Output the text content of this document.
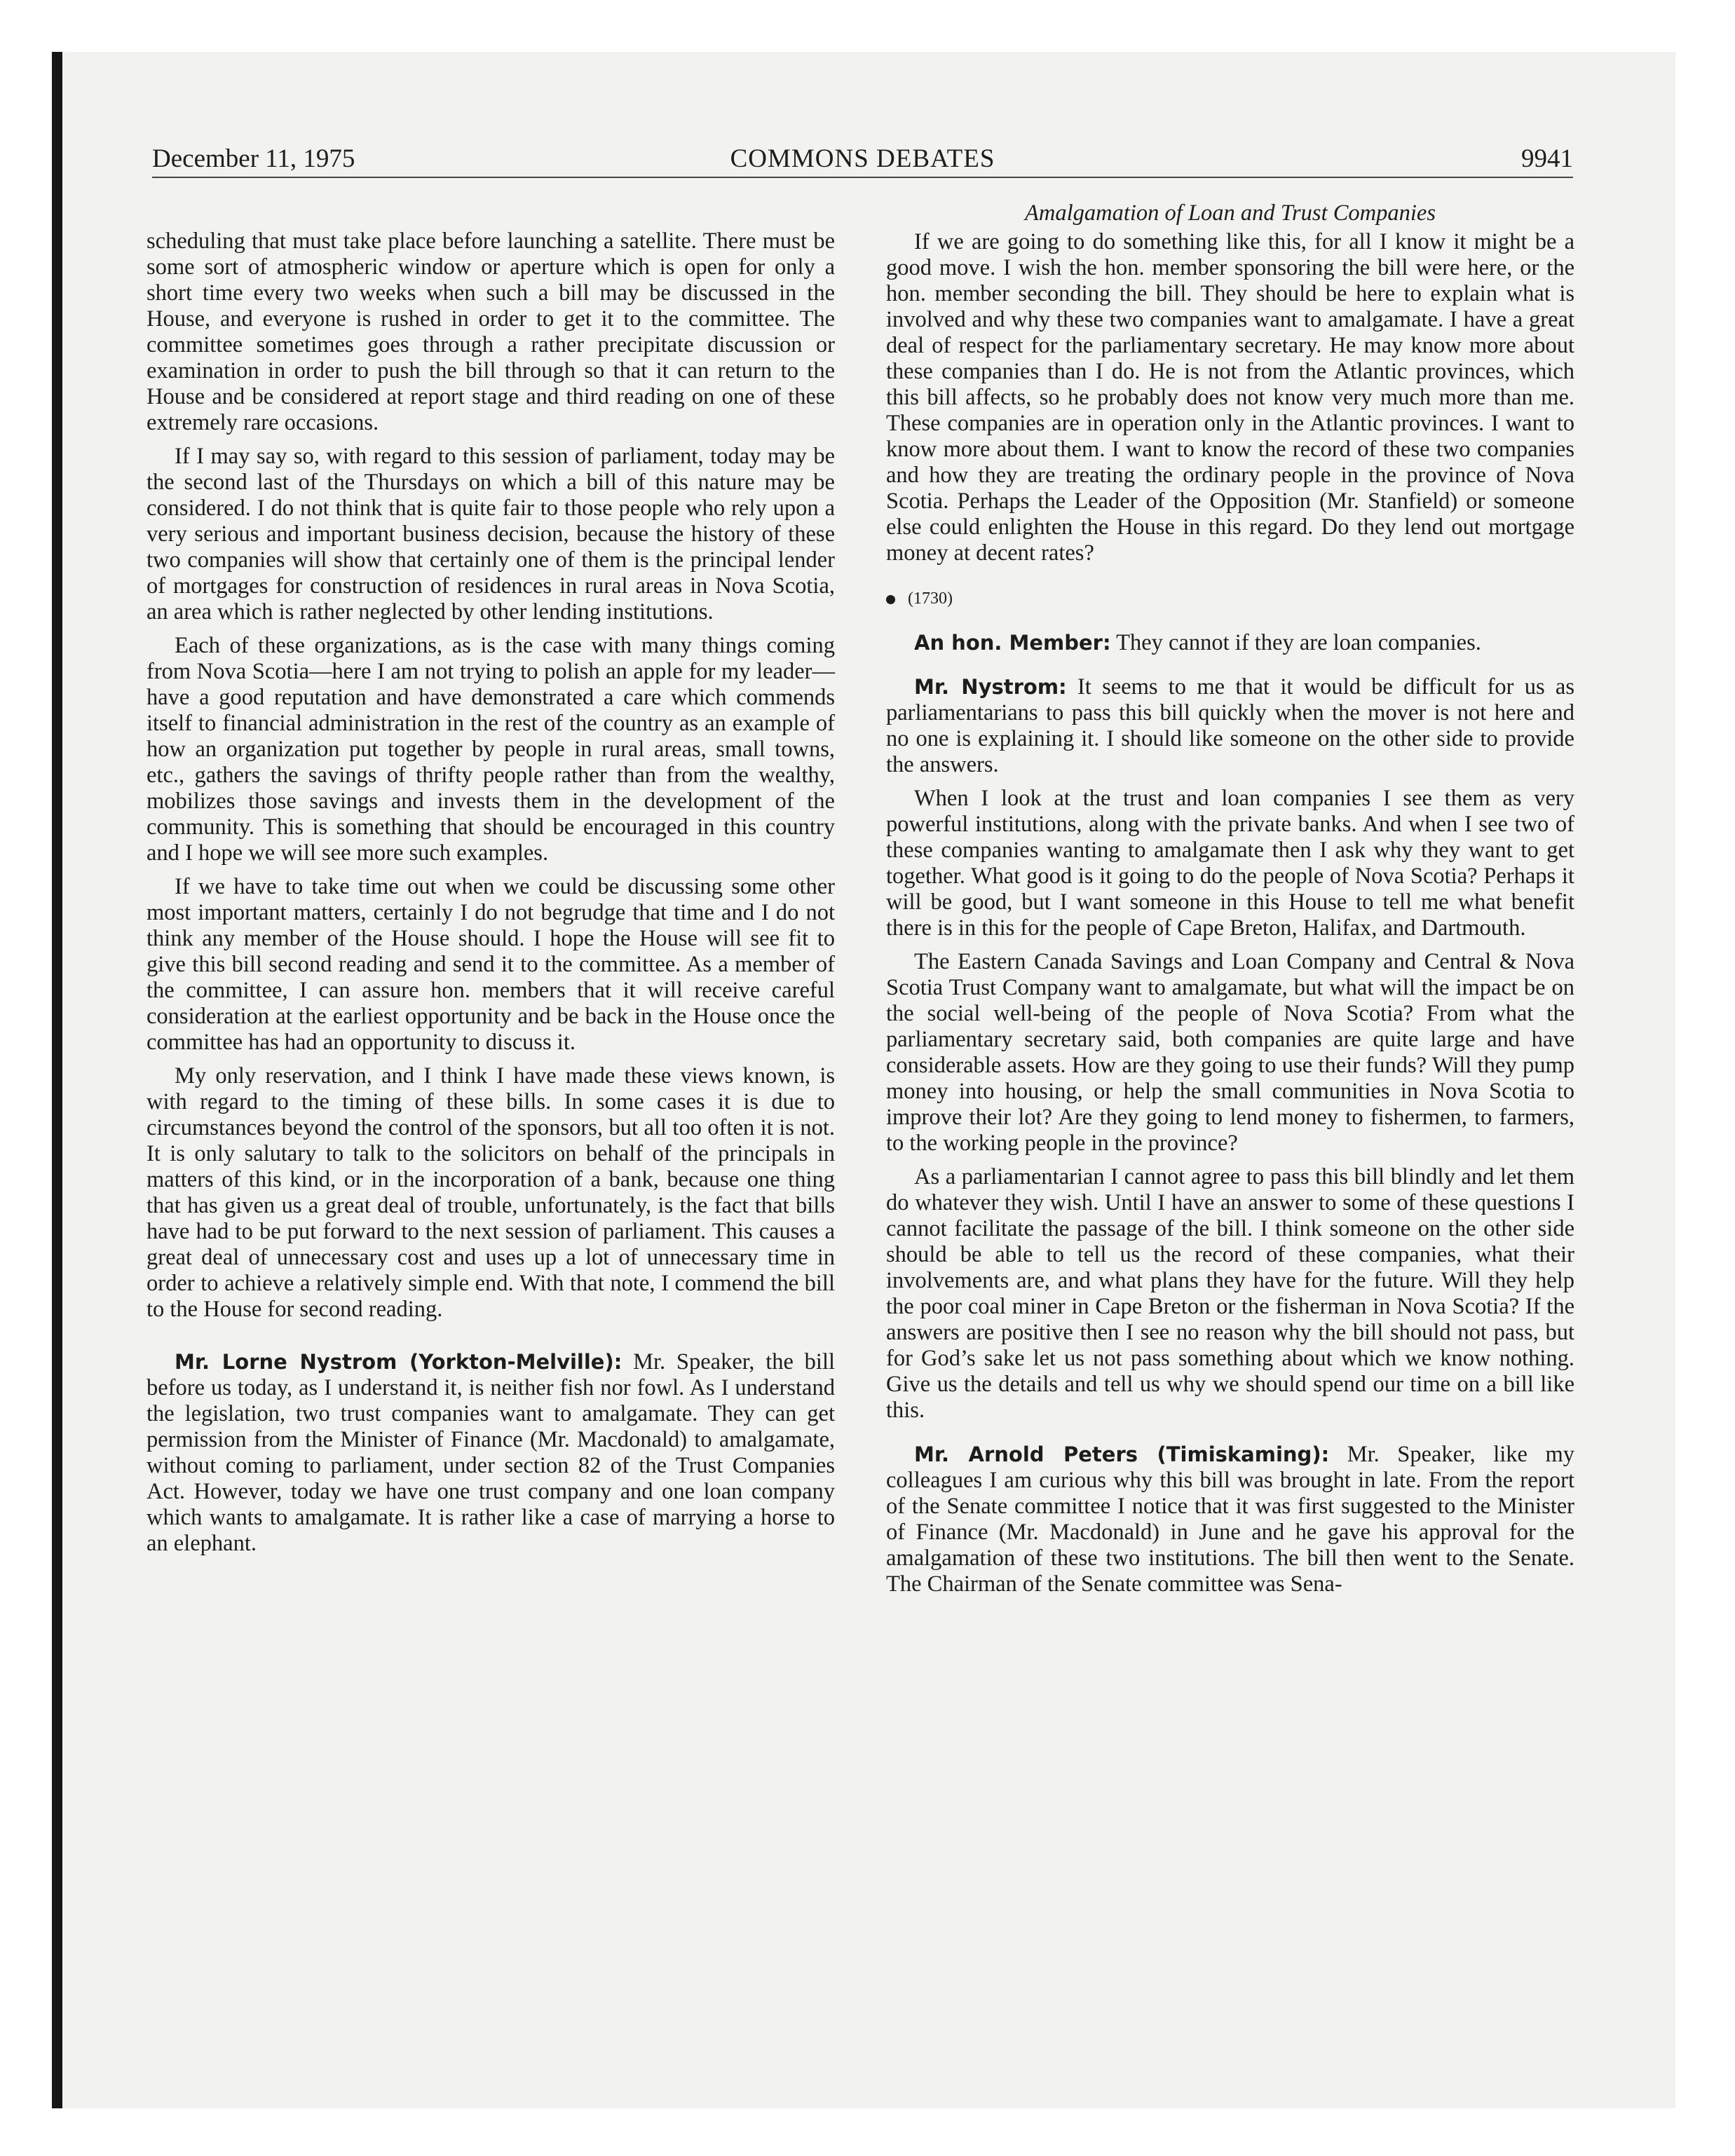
December 11, 1975	COMMONS DEBATES	9941

scheduling that must take place before launching a satellite. There must be some sort of atmospheric window or aperture which is open for only a short time every two weeks when such a bill may be discussed in the House, and everyone is rushed in order to get it to the committee. The committee sometimes goes through a rather precipitate discussion or examination in order to push the bill through so that it can return to the House and be considered at report stage and third reading on one of these extremely rare occasions.

If I may say so, with regard to this session of parliament, today may be the second last of the Thursdays on which a bill of this nature may be considered. I do not think that is quite fair to those people who rely upon a very serious and important business decision, because the history of these two companies will show that certainly one of them is the principal lender of mortgages for construction of residences in rural areas in Nova Scotia, an area which is rather neglected by other lending institutions.

Each of these organizations, as is the case with many things coming from Nova Scotia—here I am not trying to polish an apple for my leader—have a good reputation and have demonstrated a care which commends itself to financial administration in the rest of the country as an example of how an organization put together by people in rural areas, small towns, etc., gathers the savings of thrifty people rather than from the wealthy, mobilizes those savings and invests them in the development of the community. This is something that should be encouraged in this country and I hope we will see more such examples.

If we have to take time out when we could be discussing some other most important matters, certainly I do not begrudge that time and I do not think any member of the House should. I hope the House will see fit to give this bill second reading and send it to the committee. As a member of the committee, I can assure hon. members that it will receive careful consideration at the earliest opportunity and be back in the House once the committee has had an opportunity to discuss it.

My only reservation, and I think I have made these views known, is with regard to the timing of these bills. In some cases it is due to circumstances beyond the control of the sponsors, but all too often it is not. It is only salutary to talk to the solicitors on behalf of the principals in matters of this kind, or in the incorporation of a bank, because one thing that has given us a great deal of trouble, unfortunately, is the fact that bills have had to be put forward to the next session of parliament. This causes a great deal of unnecessary cost and uses up a lot of unnecessary time in order to achieve a relatively simple end. With that note, I commend the bill to the House for second reading.

Mr. Lorne Nystrom (Yorkton-Melville): Mr. Speaker, the bill before us today, as I understand it, is neither fish nor fowl. As I understand the legislation, two trust companies want to amalgamate. They can get permission from the Minister of Finance (Mr. Macdonald) to amalgamate, without coming to parliament, under section 82 of the Trust Companies Act. However, today we have one trust company and one loan company which wants to amalgamate. It is rather like a case of marrying a horse to an elephant.

Amalgamation of Loan and Trust Companies

If we are going to do something like this, for all I know it might be a good move. I wish the hon. member sponsoring the bill were here, or the hon. member seconding the bill. They should be here to explain what is involved and why these two companies want to amalgamate. I have a great deal of respect for the parliamentary secretary. He may know more about these companies than I do. He is not from the Atlantic provinces, which this bill affects, so he probably does not know very much more than me. These companies are in operation only in the Atlantic provinces. I want to know more about them. I want to know the record of these two companies and how they are treating the ordinary people in the province of Nova Scotia. Perhaps the Leader of the Opposition (Mr. Stanfield) or someone else could enlighten the House in this regard. Do they lend out mortgage money at decent rates?

(1730)

An hon. Member: They cannot if they are loan companies.

Mr. Nystrom: It seems to me that it would be difficult for us as parliamentarians to pass this bill quickly when the mover is not here and no one is explaining it. I should like someone on the other side to provide the answers.

When I look at the trust and loan companies I see them as very powerful institutions, along with the private banks. And when I see two of these companies wanting to amalgamate then I ask why they want to get together. What good is it going to do the people of Nova Scotia? Perhaps it will be good, but I want someone in this House to tell me what benefit there is in this for the people of Cape Breton, Halifax, and Dartmouth.

The Eastern Canada Savings and Loan Company and Central & Nova Scotia Trust Company want to amalgamate, but what will the impact be on the social well-being of the people of Nova Scotia? From what the parliamentary secretary said, both companies are quite large and have considerable assets. How are they going to use their funds? Will they pump money into housing, or help the small communities in Nova Scotia to improve their lot? Are they going to lend money to fishermen, to farmers, to the working people in the province?

As a parliamentarian I cannot agree to pass this bill blindly and let them do whatever they wish. Until I have an answer to some of these questions I cannot facilitate the passage of the bill. I think someone on the other side should be able to tell us the record of these companies, what their involvements are, and what plans they have for the future. Will they help the poor coal miner in Cape Breton or the fisherman in Nova Scotia? If the answers are positive then I see no reason why the bill should not pass, but for God’s sake let us not pass something about which we know nothing. Give us the details and tell us why we should spend our time on a bill like this.

Mr. Arnold Peters (Timiskaming): Mr. Speaker, like my colleagues I am curious why this bill was brought in late. From the report of the Senate committee I notice that it was first suggested to the Minister of Finance (Mr. Macdonald) in June and he gave his approval for the amalgamation of these two institutions. The bill then went to the Senate. The Chairman of the Senate committee was Sena-
